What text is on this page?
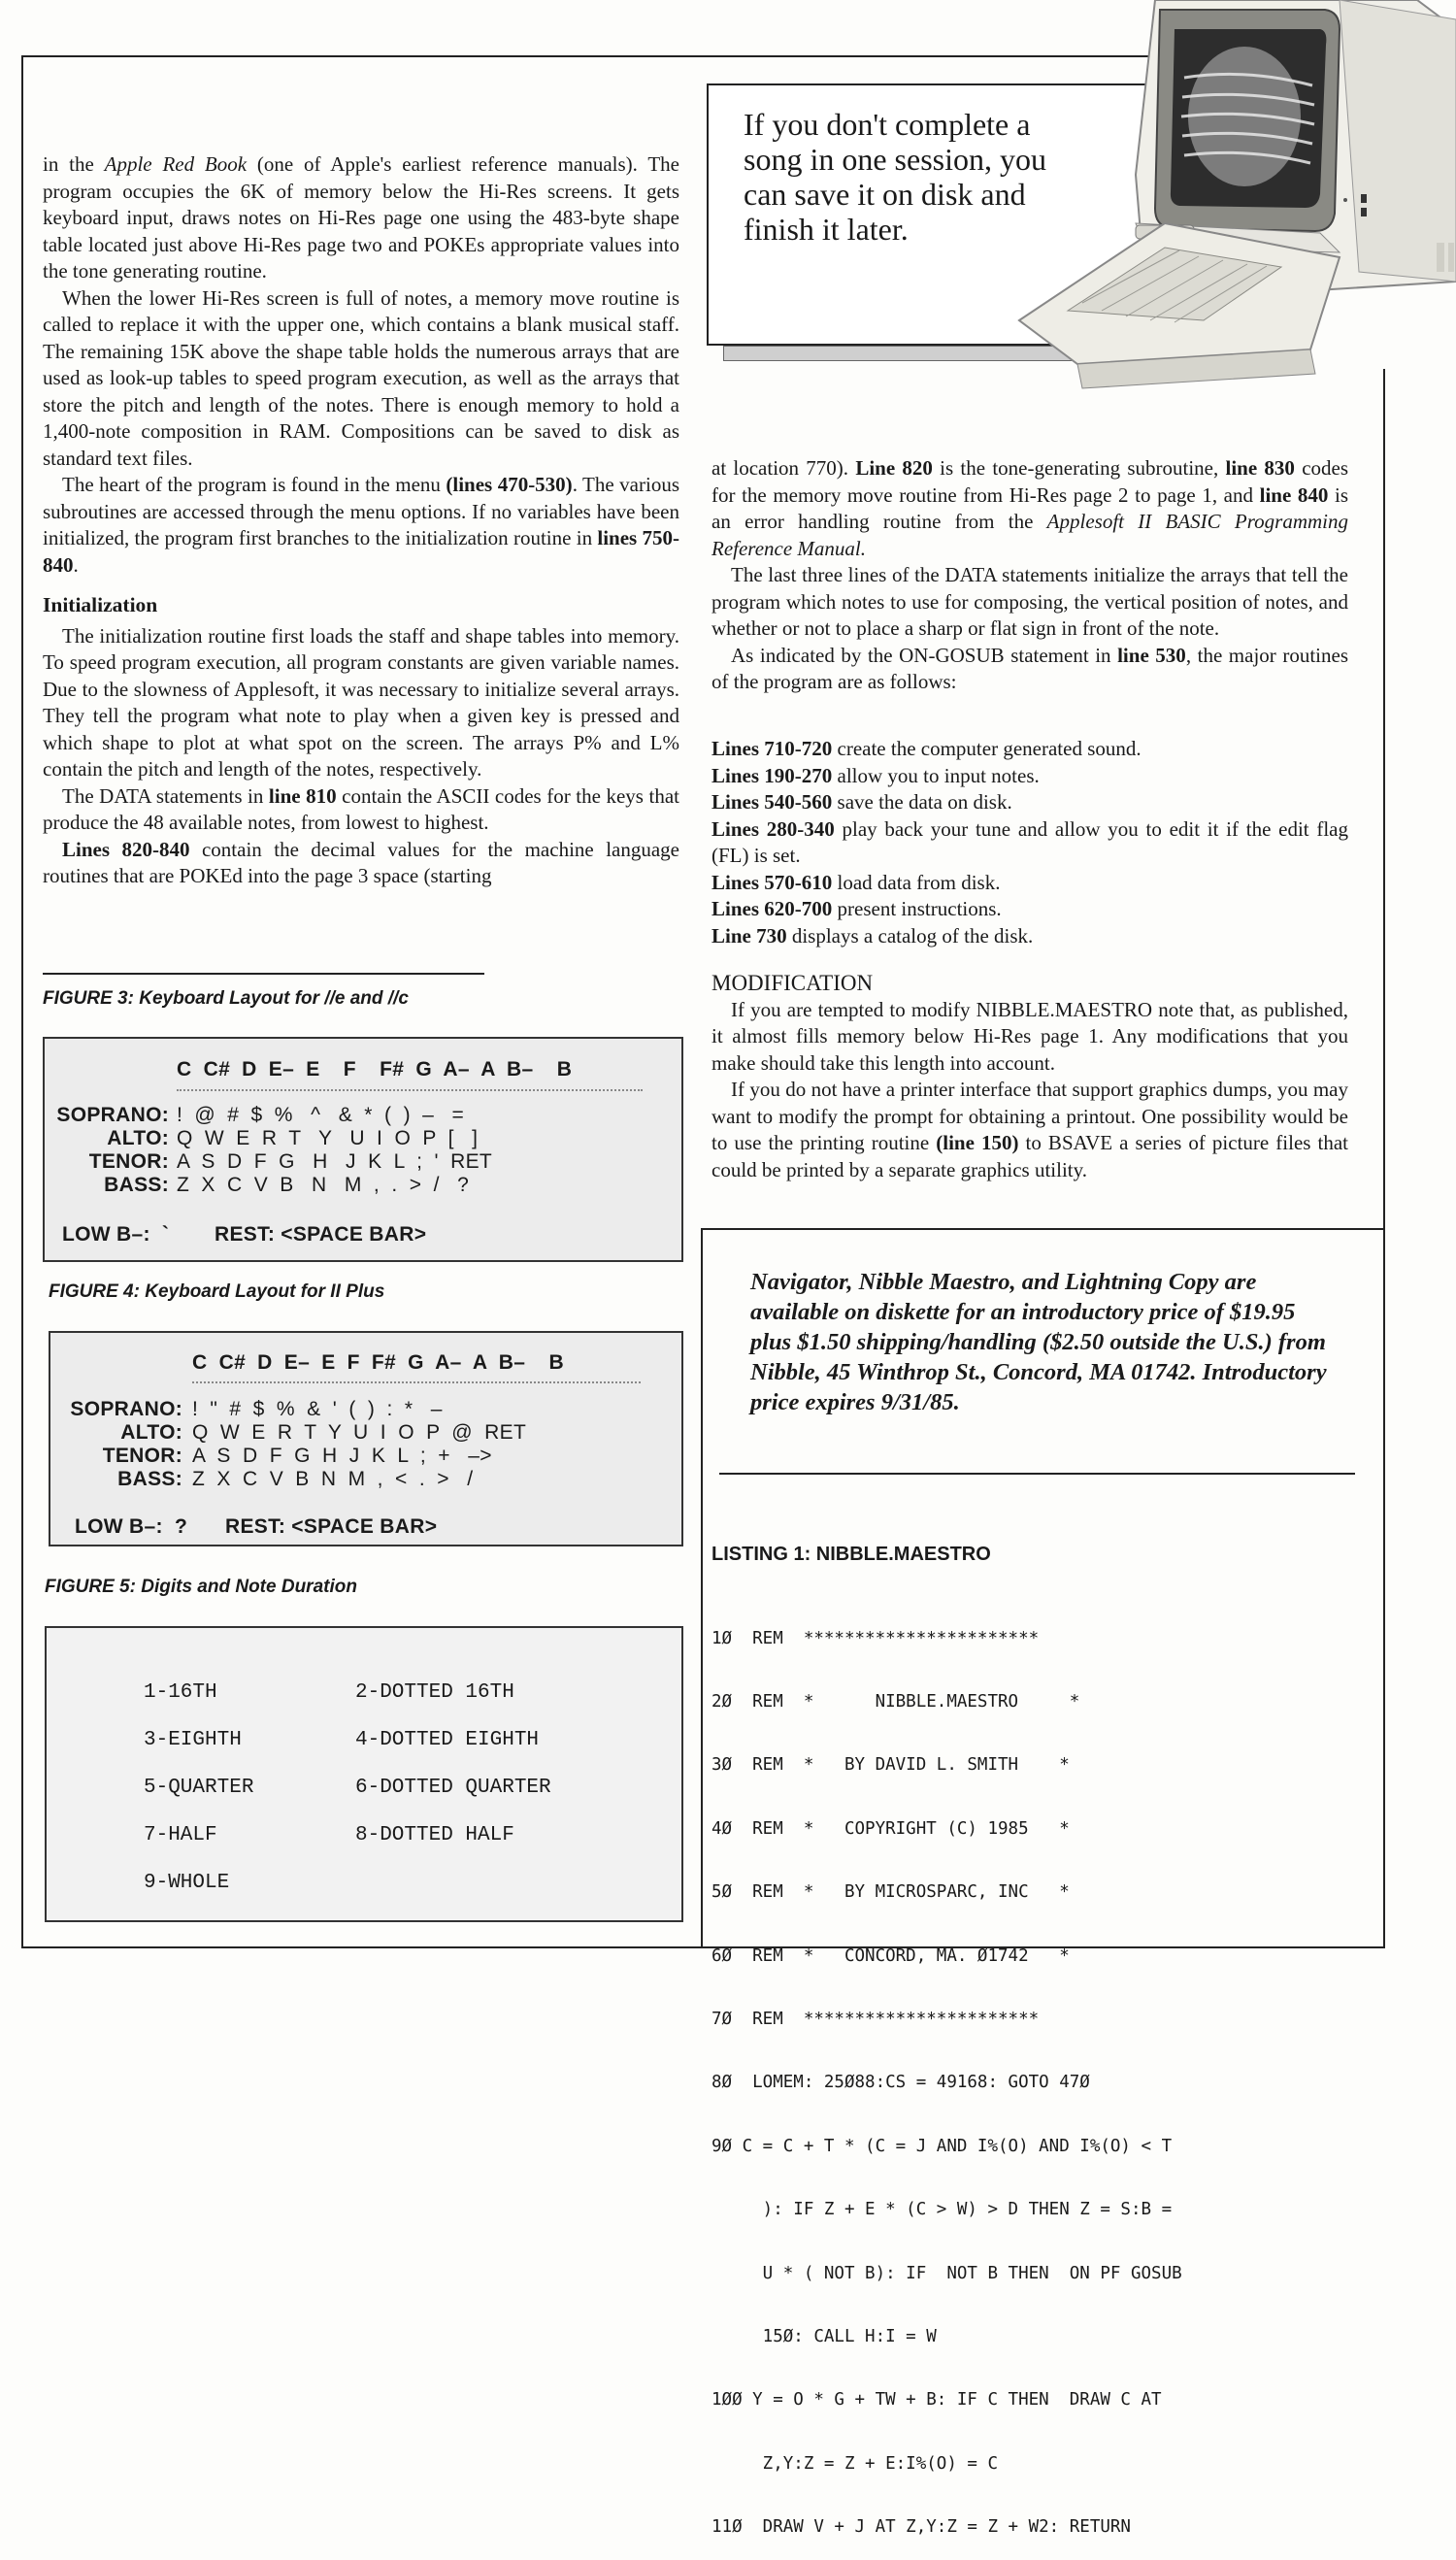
in the Apple Red Book (one of Apple's earliest reference manuals). The program occupies the 6K of memory below the Hi-Res screens. It gets keyboard input, draws notes on Hi-Res page one using the 483-byte shape table located just above Hi-Res page two and POKEs appropriate values into the tone generating routine.

When the lower Hi-Res screen is full of notes, a memory move routine is called to replace it with the upper one, which contains a blank musical staff. The remaining 15K above the shape table holds the numerous arrays that are used as look-up tables to speed program execution, as well as the arrays that store the pitch and length of the notes. There is enough memory to hold a 1,400-note composition in RAM. Compositions can be saved to disk as standard text files.

The heart of the program is found in the menu (lines 470-530). The various subroutines are accessed through the menu options. If no variables have been initialized, the program first branches to the initialization routine in lines 750-840.

Initialization

The initialization routine first loads the staff and shape tables into memory. To speed program execution, all program constants are given variable names. Due to the slowness of Applesoft, it was necessary to initialize several arrays. They tell the program what note to play when a given key is pressed and which shape to plot at what spot on the screen. The arrays P% and L% contain the pitch and length of the notes, respectively.

The DATA statements in line 810 contain the ASCII codes for the keys that produce the 48 available notes, from lowest to highest.

Lines 820-840 contain the decimal values for the machine language routines that are POKEd into the page 3 space (starting

If you don't complete a song in one session, you can save it on disk and finish it later.

at location 770). Line 820 is the tone-generating subroutine, line 830 codes for the memory move routine from Hi-Res page 2 to page 1, and line 840 is an error handling routine from the Applesoft II BASIC Programming Reference Manual.

The last three lines of the DATA statements initialize the arrays that tell the program which notes to use for composing, the vertical position of notes, and whether or not to place a sharp or flat sign in front of the note.

As indicated by the ON-GOSUB statement in line 530, the major routines of the program are as follows:

Lines 710-720 create the computer generated sound.
Lines 190-270 allow you to input notes.
Lines 540-560 save the data on disk.
Lines 280-340 play back your tune and allow you to edit it if the edit flag (FL) is set.
Lines 570-610 load data from disk.
Lines 620-700 present instructions.
Line 730 displays a catalog of the disk.
MODIFICATION

If you are tempted to modify NIBBLE.MAESTRO note that, as published, it almost fills memory below Hi-Res page 1. Any modifications that you make should take this length into account.

If you do not have a printer interface that support graphics dumps, you may want to modify the prompt for obtaining a printout. One possibility would be to use the printing routine (line 150) to BSAVE a series of picture files that could be printed by a separate graphics utility.

Navigator, Nibble Maestro, and Lightning Copy are available on diskette for an introductory price of $19.95 plus $1.50 shipping/handling ($2.50 outside the U.S.) from Nibble, 45 Winthrop St., Concord, MA 01742. Introductory price expires 9/31/85.
LISTING 1: NIBBLE.MAESTRO

1Ø  REM  ***********************

2Ø  REM  *      NIBBLE.MAESTRO     *

3Ø  REM  *   BY DAVID L. SMITH    *

4Ø  REM  *   COPYRIGHT (C) 1985   *

5Ø  REM  *   BY MICROSPARC, INC   *

6Ø  REM  *   CONCORD, MA. Ø1742   *

7Ø  REM  ***********************

8Ø  LOMEM: 25Ø88:CS = 49168: GOTO 47Ø

9Ø C = C + T * (C = J AND I%(O) AND I%(O) < T

): IF Z + E * (C > W) > D THEN Z = S:B =

U * ( NOT B): IF  NOT B THEN  ON PF GOSUB

15Ø: CALL H:I = W

1ØØ Y = O * G + TW + B: IF C THEN  DRAW C AT

Z,Y:Z = Z + E:I%(O) = C

11Ø  DRAW V + J AT Z,Y:Z = Z + W2: RETURN

FIGURE 3: Keyboard Layout for //e and //c
C C# D E– E  F  F# G A– A B–  B
SOPRANO: !  @  #  $  %   ^   &  *  (  )  –   =
ALTO: Q  W  E  R  T   Y   U  I  O  P  [   ]
TENOR: A  S  D  F  G   H   J  K  L  ;  '  RET
BASS: Z  X  C  V  B   N   M  ,  .  >  /   ?
LOW B–:  ` REST: <SPACE BAR>
FIGURE 4: Keyboard Layout for II Plus
C C# D E– E F F# G A– A B–  B
SOPRANO: !  "  #  $  %  &  '  (  )  :  *   –
ALTO: Q  W  E  R  T  Y  U  I  O  P  @  RET
TENOR: A  S  D  F  G  H  J  K  L  ;  +   –>
BASS: Z  X  C  V  B  N  M  ,  <  .  >   /
LOW B–:  ? REST: <SPACE BAR>
FIGURE 5: Digits and Note Duration
1-16TH	2-DOTTED 16TH
3-EIGHTH	4-DOTTED EIGHTH
5-QUARTER	6-DOTTED QUARTER
7-HALF	8-DOTTED HALF
9-WHOLE
